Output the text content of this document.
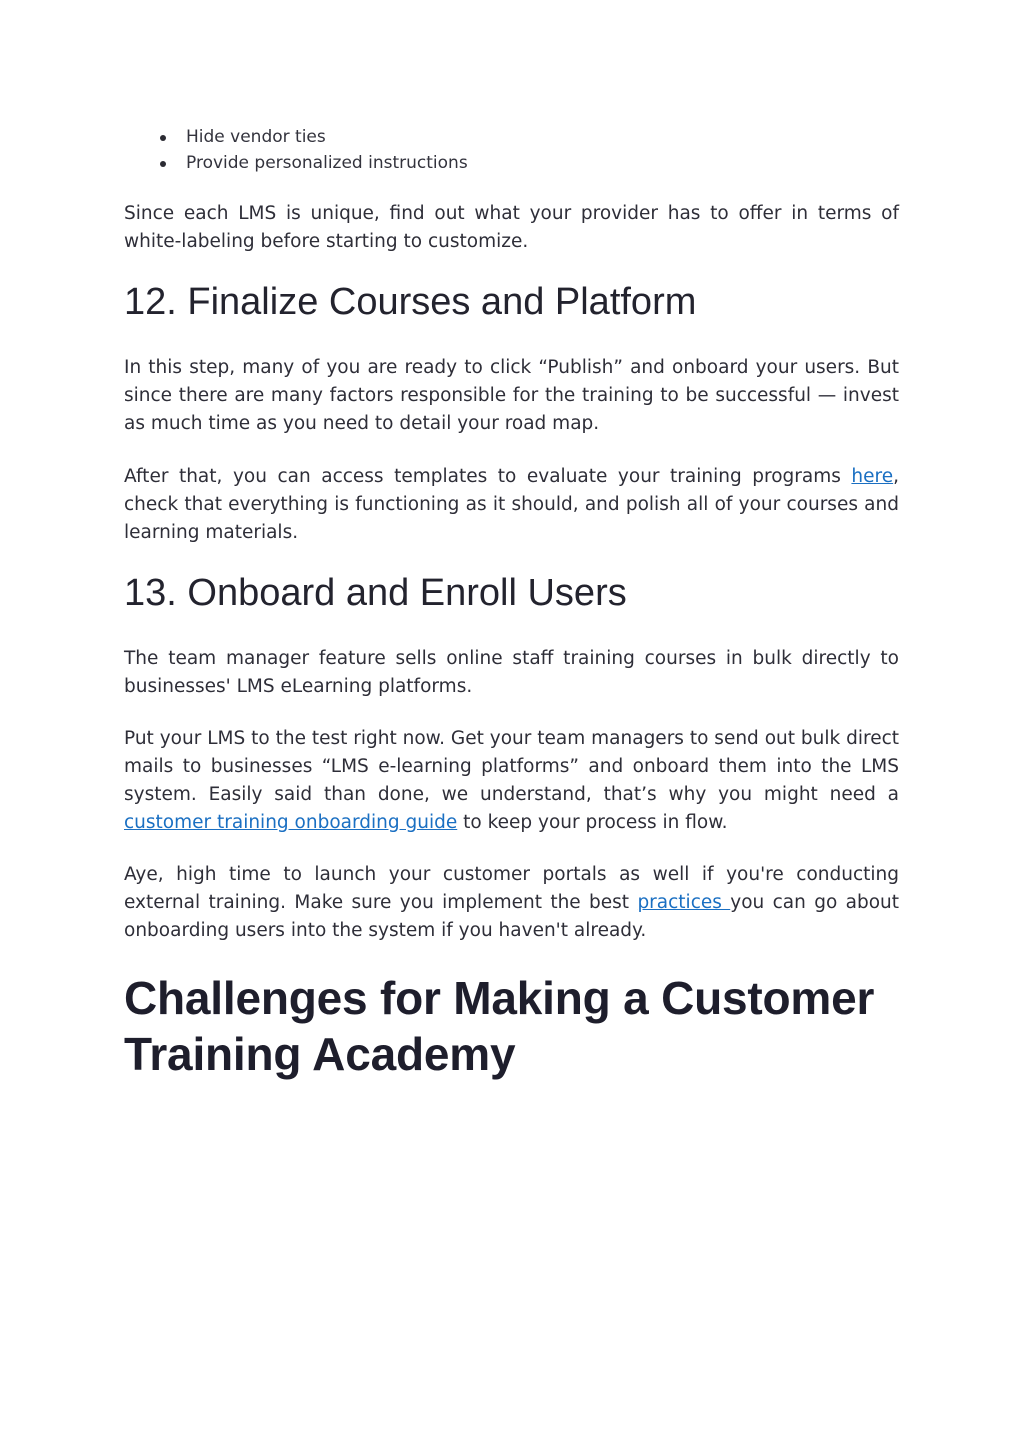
Hide vendor ties
Provide personalized instructions

Since each LMS is unique, find out what your provider has to offer in terms of white-labeling before starting to customize.

12. Finalize Courses and Platform

In this step, many of you are ready to click “Publish” and onboard your users. But since there are many factors responsible for the training to be successful — invest as much time as you need to detail your road map.

After that, you can access templates to evaluate your training programs here, check that everything is functioning as it should, and polish all of your courses and learning materials.

13. Onboard and Enroll Users

The team manager feature sells online staff training courses in bulk directly to businesses' LMS eLearning platforms.

Put your LMS to the test right now. Get your team managers to send out bulk direct mails to businesses “LMS e-learning platforms” and onboard them into the LMS system. Easily said than done, we understand, that’s why you might need a customer training onboarding guide to keep your process in flow.

Aye, high time to launch your customer portals as well if you're conducting external training. Make sure you implement the best practices you can go about onboarding users into the system if you haven't already.

Challenges for Making a Customer Training Academy
